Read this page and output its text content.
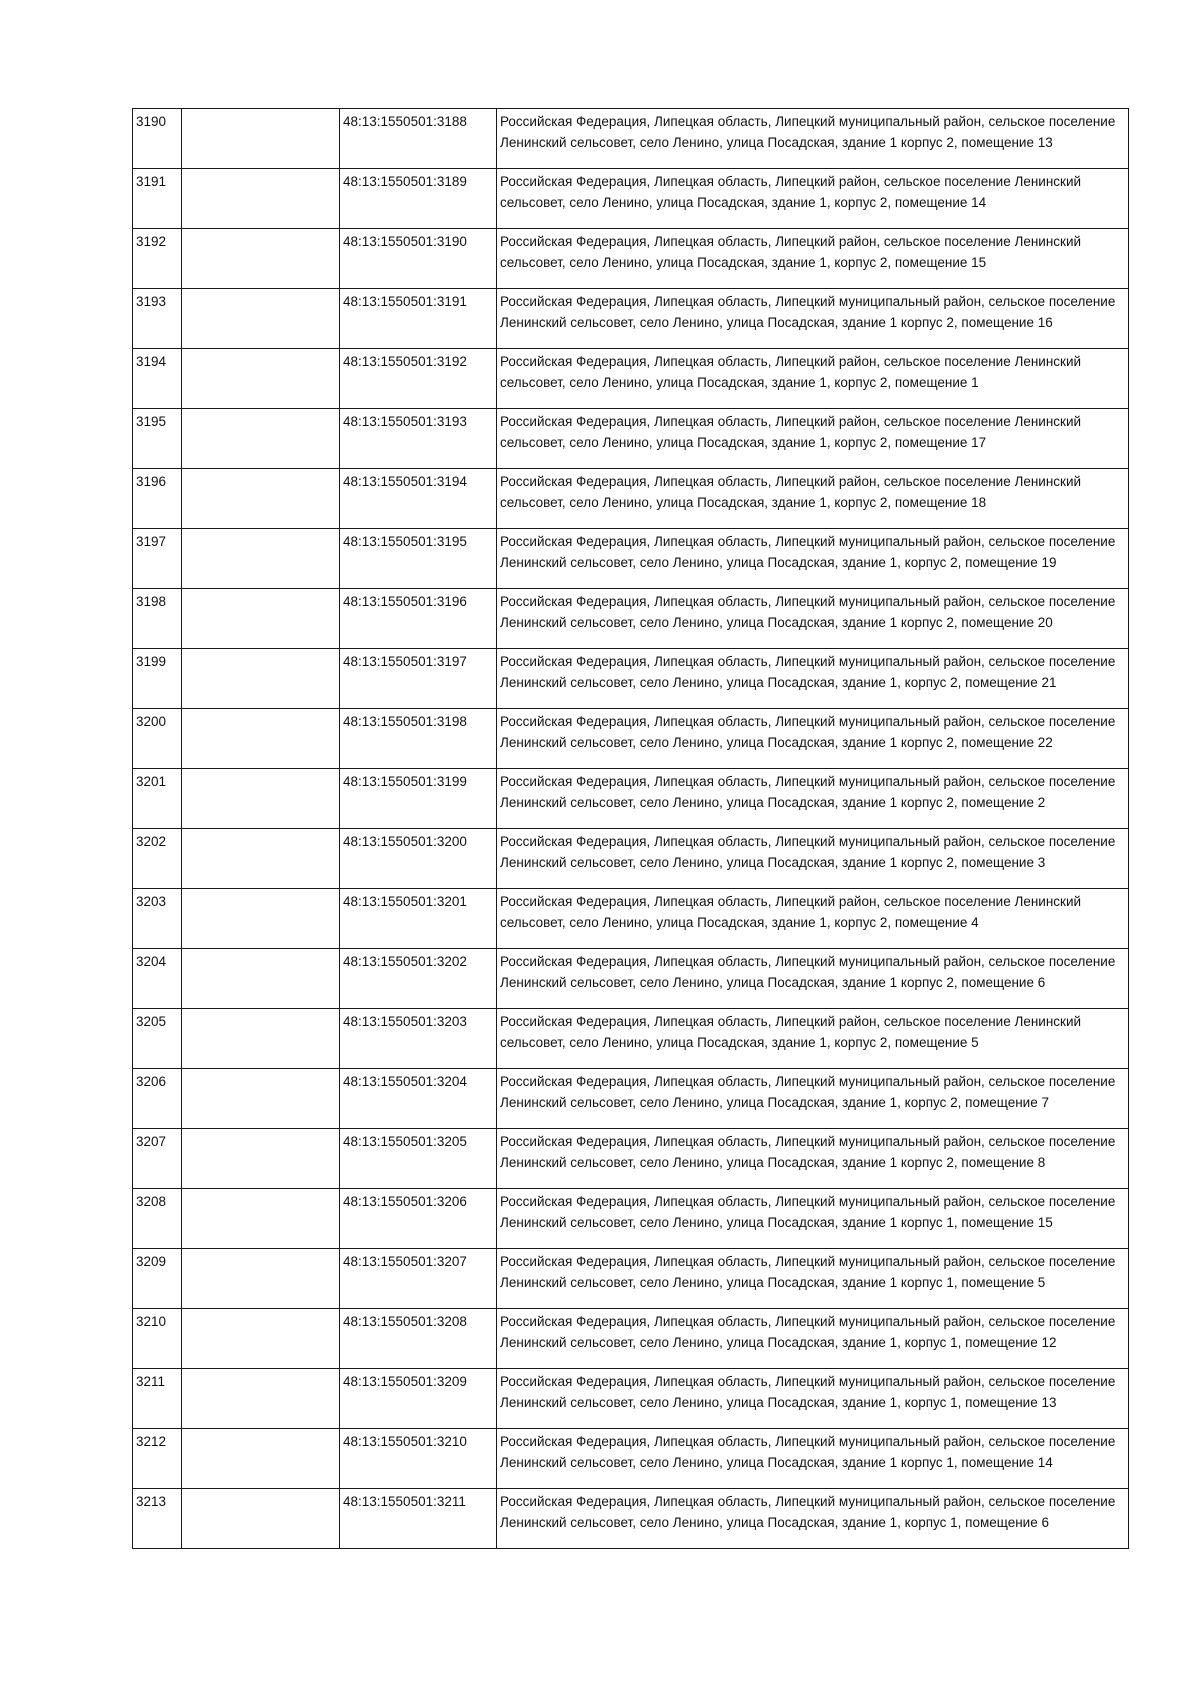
3190		48:13:1550501:3188	Российская Федерация, Липецкая область, Липецкий муниципальный район, сельское поселение Ленинский сельсовет, село Ленино, улица Посадская, здание 1 корпус 2, помещение 13

3191		48:13:1550501:3189	Российская Федерация, Липецкая область, Липецкий район, сельское поселение Ленинский сельсовет, село Ленино, улица Посадская, здание 1, корпус 2, помещение 14

3192		48:13:1550501:3190	Российская Федерация, Липецкая область, Липецкий район, сельское поселение Ленинский сельсовет, село Ленино, улица Посадская, здание 1, корпус 2, помещение 15

3193		48:13:1550501:3191	Российская Федерация, Липецкая область, Липецкий муниципальный район, сельское поселение Ленинский сельсовет, село Ленино, улица Посадская, здание 1 корпус 2, помещение 16

3194		48:13:1550501:3192	Российская Федерация, Липецкая область, Липецкий район, сельское поселение Ленинский сельсовет, село Ленино, улица Посадская, здание 1, корпус 2, помещение 1

3195		48:13:1550501:3193	Российская Федерация, Липецкая область, Липецкий район, сельское поселение Ленинский сельсовет, село Ленино, улица Посадская, здание 1, корпус 2, помещение 17

3196		48:13:1550501:3194	Российская Федерация, Липецкая область, Липецкий район, сельское поселение Ленинский сельсовет, село Ленино, улица Посадская, здание 1, корпус 2, помещение 18

3197		48:13:1550501:3195	Российская Федерация, Липецкая область, Липецкий муниципальный район, сельское поселение Ленинский сельсовет, село Ленино, улица Посадская, здание 1, корпус 2, помещение 19

3198		48:13:1550501:3196	Российская Федерация, Липецкая область, Липецкий муниципальный район, сельское поселение Ленинский сельсовет, село Ленино, улица Посадская, здание 1 корпус 2, помещение 20

3199		48:13:1550501:3197	Российская Федерация, Липецкая область, Липецкий муниципальный район, сельское поселение Ленинский сельсовет, село Ленино, улица Посадская, здание 1, корпус 2, помещение 21

3200		48:13:1550501:3198	Российская Федерация, Липецкая область, Липецкий муниципальный район, сельское поселение Ленинский сельсовет, село Ленино, улица Посадская, здание 1 корпус 2, помещение 22

3201		48:13:1550501:3199	Российская Федерация, Липецкая область, Липецкий муниципальный район, сельское поселение Ленинский сельсовет, село Ленино, улица Посадская, здание 1 корпус 2, помещение 2

3202		48:13:1550501:3200	Российская Федерация, Липецкая область, Липецкий муниципальный район, сельское поселение Ленинский сельсовет, село Ленино, улица Посадская, здание 1 корпус 2, помещение 3

3203		48:13:1550501:3201	Российская Федерация, Липецкая область, Липецкий район, сельское поселение Ленинский сельсовет, село Ленино, улица Посадская, здание 1, корпус 2, помещение 4

3204		48:13:1550501:3202	Российская Федерация, Липецкая область, Липецкий муниципальный район, сельское поселение Ленинский сельсовет, село Ленино, улица Посадская, здание 1 корпус 2, помещение 6

3205		48:13:1550501:3203	Российская Федерация, Липецкая область, Липецкий район, сельское поселение Ленинский сельсовет, село Ленино, улица Посадская, здание 1, корпус 2, помещение 5

3206		48:13:1550501:3204	Российская Федерация, Липецкая область, Липецкий муниципальный район, сельское поселение Ленинский сельсовет, село Ленино, улица Посадская, здание 1, корпус 2, помещение 7

3207		48:13:1550501:3205	Российская Федерация, Липецкая область, Липецкий муниципальный район, сельское поселение Ленинский сельсовет, село Ленино, улица Посадская, здание 1 корпус 2, помещение 8

3208		48:13:1550501:3206	Российская Федерация, Липецкая область, Липецкий муниципальный район, сельское поселение Ленинский сельсовет, село Ленино, улица Посадская, здание 1 корпус 1, помещение 15

3209		48:13:1550501:3207	Российская Федерация, Липецкая область, Липецкий муниципальный район, сельское поселение Ленинский сельсовет, село Ленино, улица Посадская, здание 1 корпус 1, помещение 5

3210		48:13:1550501:3208	Российская Федерация, Липецкая область, Липецкий муниципальный район, сельское поселение Ленинский сельсовет, село Ленино, улица Посадская, здание 1, корпус 1, помещение 12

3211		48:13:1550501:3209	Российская Федерация, Липецкая область, Липецкий муниципальный район, сельское поселение Ленинский сельсовет, село Ленино, улица Посадская, здание 1, корпус 1, помещение 13

3212		48:13:1550501:3210	Российская Федерация, Липецкая область, Липецкий муниципальный район, сельское поселение Ленинский сельсовет, село Ленино, улица Посадская, здание 1 корпус 1, помещение 14

3213		48:13:1550501:3211	Российская Федерация, Липецкая область, Липецкий муниципальный район, сельское поселение Ленинский сельсовет, село Ленино, улица Посадская, здание 1, корпус 1, помещение 6
